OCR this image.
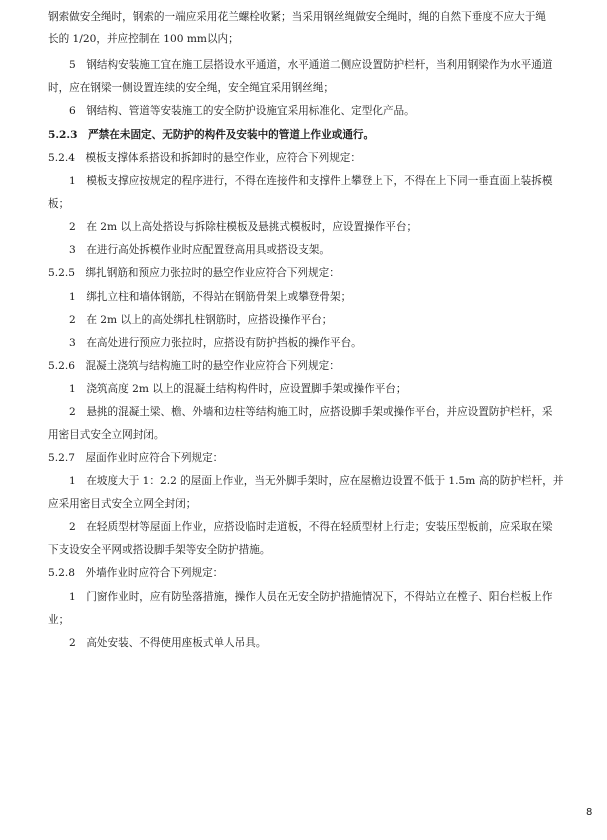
8
钢索做安全绳时，钢索的一端应采用花兰螺栓收紧；当采用钢丝绳做安全绳时，绳的自然下垂度不应大于绳
长的 1/20，并应控制在 100 mm以内；
5　钢结构安装施工宜在施工层搭设水平通道，水平通道二侧应设置防护栏杆，当利用钢梁作为水平通道
时，应在钢梁一侧设置连续的安全绳，安全绳宜采用钢丝绳；
6　钢结构、管道等安装施工的安全防护设施宜采用标准化、定型化产品。
5.2.3　严禁在未固定、无防护的构件及安装中的管道上作业或通行。
5.2.4　模板支撑体系搭设和拆卸时的悬空作业，应符合下列规定：
1　模板支撑应按规定的程序进行，不得在连接件和支撑件上攀登上下，不得在上下同一垂直面上装拆模
板；
2　在 2m 以上高处搭设与拆除柱模板及悬挑式模板时，应设置操作平台；
3　在进行高处拆模作业时应配置登高用具或搭设支架。
5.2.5　绑扎钢筋和预应力张拉时的悬空作业应符合下列规定：
1　绑扎立柱和墙体钢筋，不得站在钢筋骨架上或攀登骨架；
2　在 2m 以上的高处绑扎柱钢筋时，应搭设操作平台；
3　在高处进行预应力张拉时，应搭设有防护挡板的操作平台。
5.2.6　混凝土浇筑与结构施工时的悬空作业应符合下列规定：
1　浇筑高度 2m 以上的混凝土结构构件时，应设置脚手架或操作平台；
2　悬挑的混凝土梁、檐、外墙和边柱等结构施工时，应搭设脚手架或操作平台，并应设置防护栏杆，采
用密目式安全立网封闭。
5.2.7　屋面作业时应符合下列规定：
1　在坡度大于 1：2.2 的屋面上作业，当无外脚手架时，应在屋檐边设置不低于 1.5m 高的防护栏杆，并
应采用密目式安全立网全封闭；
2　在轻质型材等屋面上作业，应搭设临时走道板，不得在轻质型材上行走；安装压型板前，应采取在梁
下支设安全平网或搭设脚手架等安全防护措施。
5.2.8　外墙作业时应符合下列规定：
1　门窗作业时，应有防坠落措施，操作人员在无安全防护措施情况下，不得站立在樘子、阳台栏板上作
业；
2　高处安装、不得使用座板式单人吊具。
